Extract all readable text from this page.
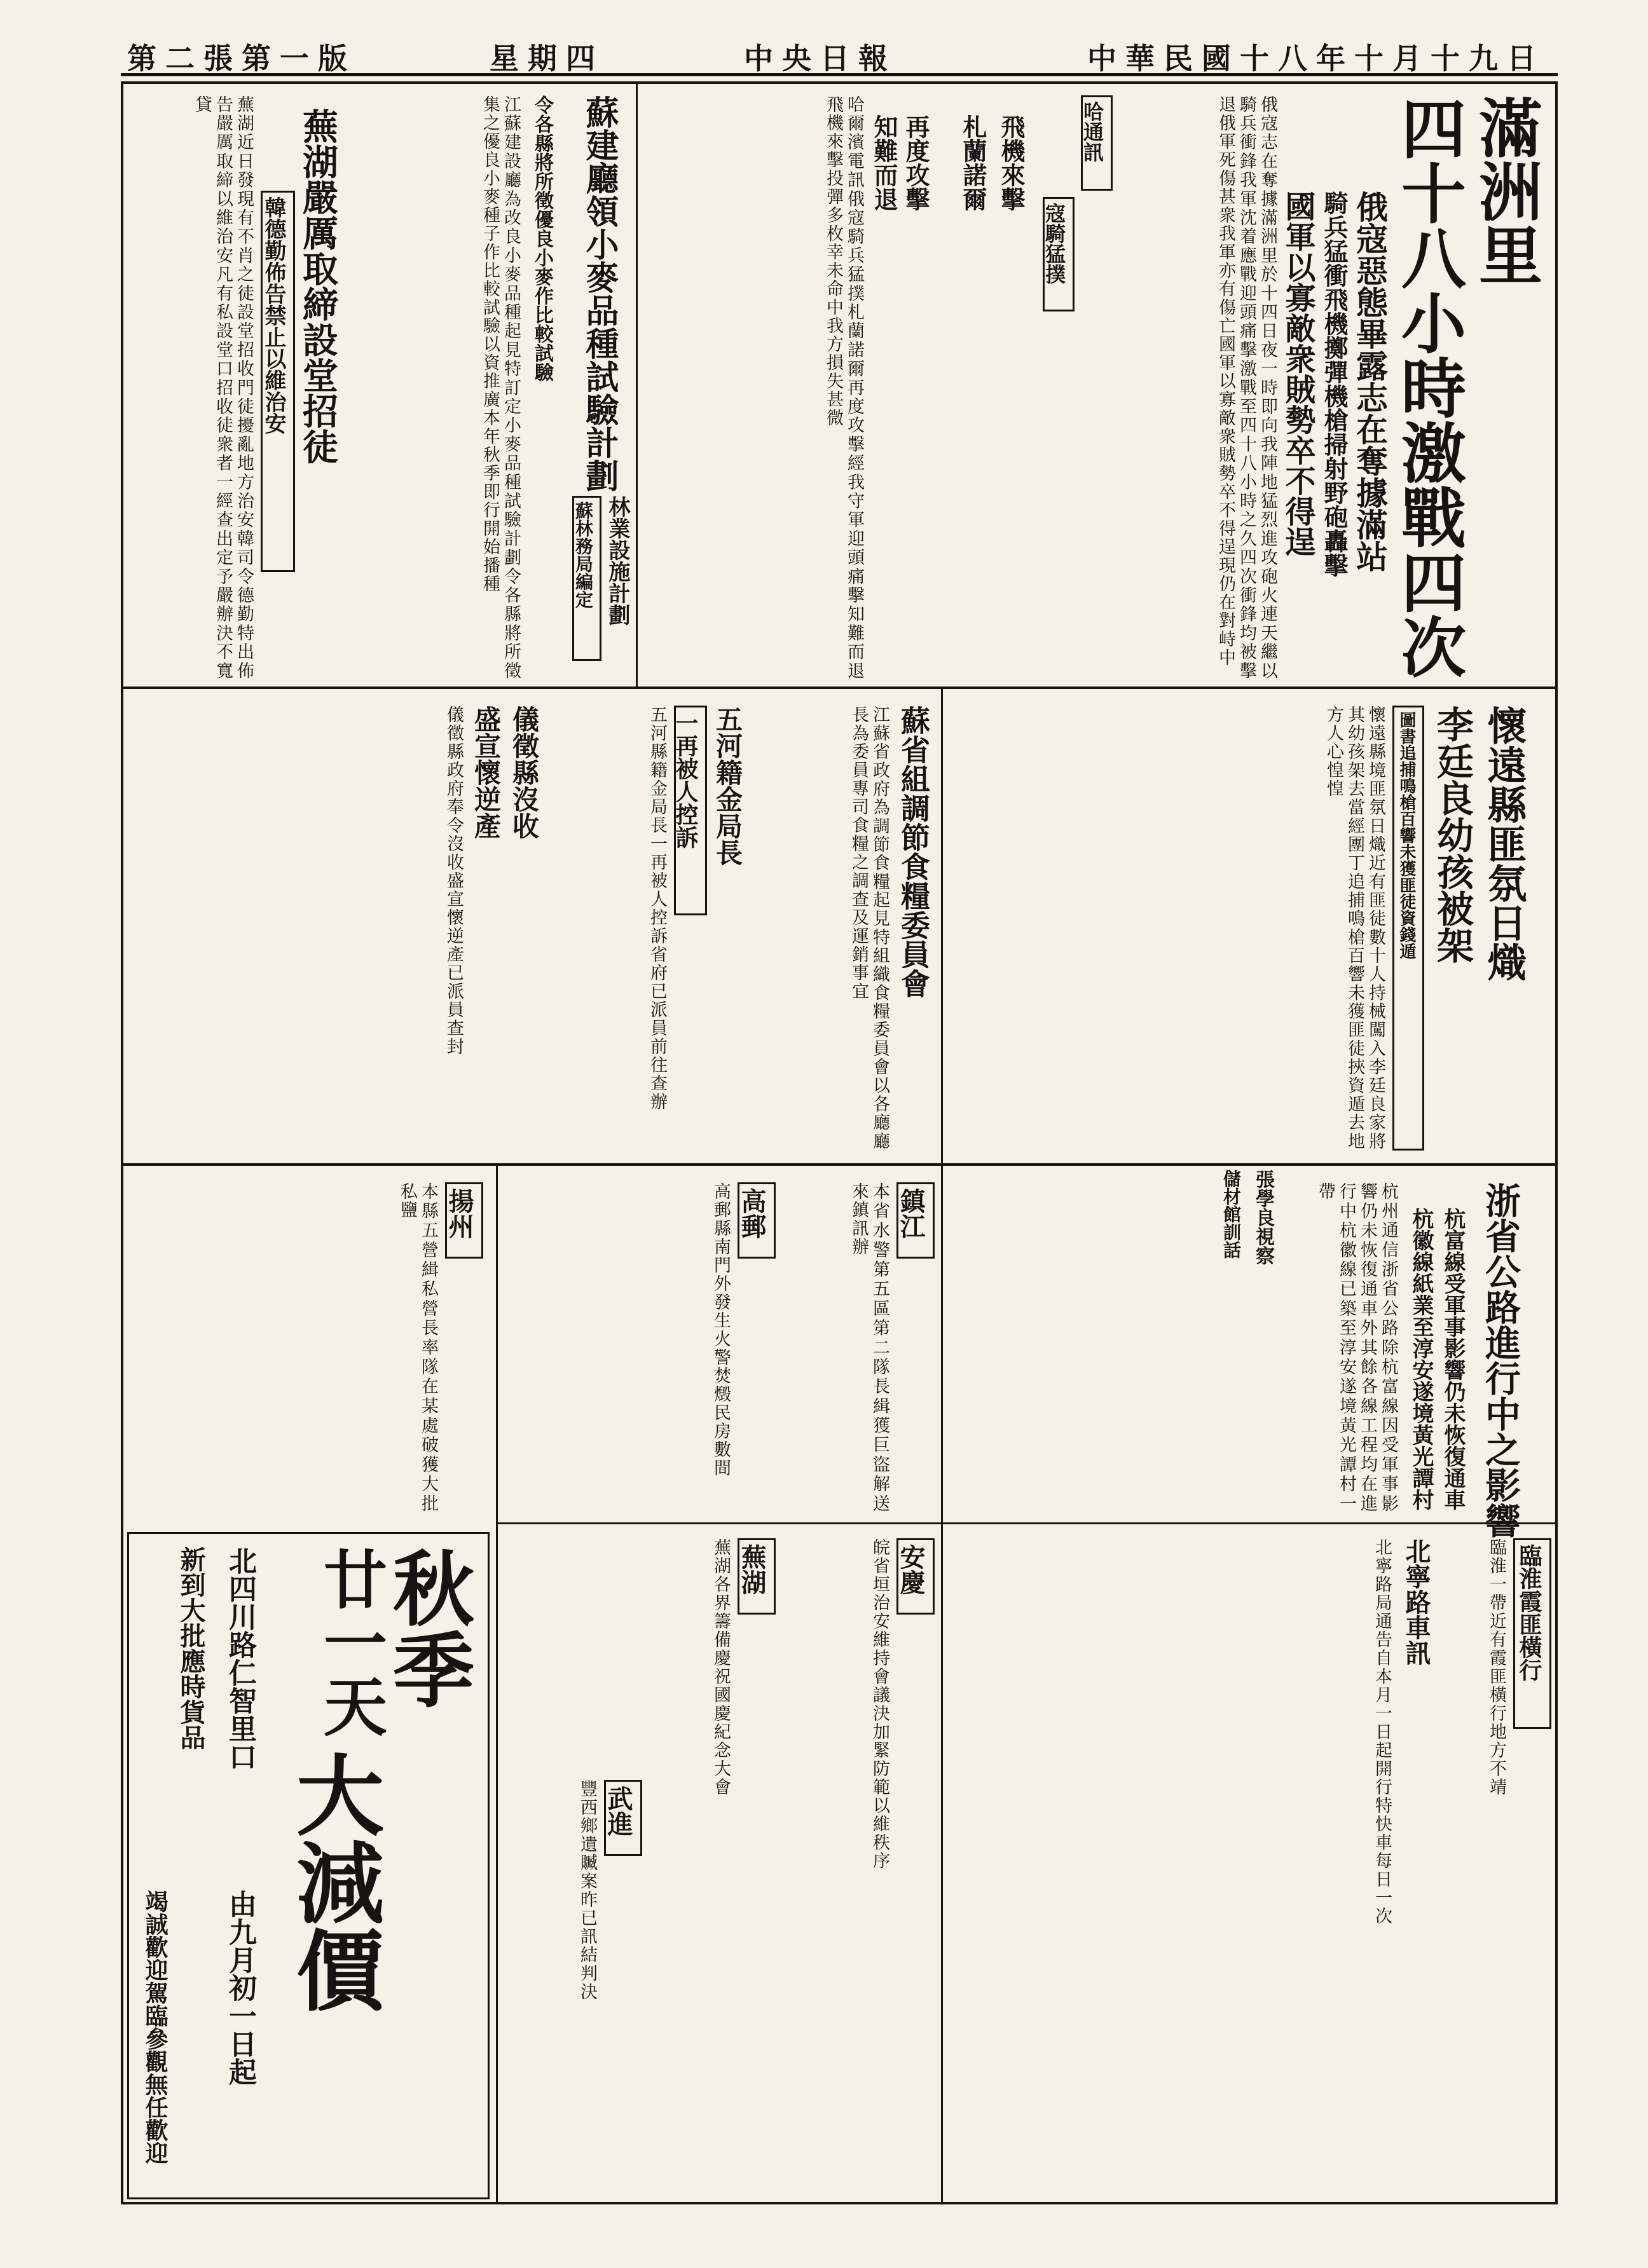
中華民國十八年十月十九日
中央日報
星期四
第二張第一版
滿洲里
四十八小時激戰四次
俄寇惡態畢露志在奪據滿站
騎兵猛衝飛機擲彈機槍掃射野砲轟擊
國軍以寡敵衆賊勢卒不得逞
俄寇志在奪據滿洲里於十四日夜一時即向我陣地猛烈進攻砲火連天繼以騎兵衝鋒我軍沈着應戰迎頭痛擊激戰至四十八小時之久四次衝鋒均被擊退俄軍死傷甚衆我軍亦有傷亡國軍以寡敵衆賊勢卒不得逞現仍在對峙中
哈通訊
寇騎猛撲
再度攻擊
知難而退	飛機來擊
札蘭諾爾
哈爾濱電訊俄寇騎兵猛撲札蘭諾爾再度攻擊經我守軍迎頭痛擊知難而退飛機來擊投彈多枚幸未命中我方損失甚微
蘇建廳領小麥品種試驗計劃
令各縣將所徵優良小麥作比較試驗
江蘇建設廳為改良小麥品種起見特訂定小麥品種試驗計劃令各縣將所徵集之優良小麥種子作比較試驗以資推廣本年秋季即行開始播種	林業設施計劃
蘇林務局編定
蕪湖嚴厲取締設堂招徒
韓德勤佈告禁止以維治安
蕪湖近日發現有不肖之徒設堂招收門徒擾亂地方治安韓司令德勤特出佈告嚴厲取締以維治安凡有私設堂口招收徒衆者一經查出定予嚴辦決不寬貸
懷遠縣匪氛日熾
李廷良幼孩被架
圖書追捕鳴槍百響未獲匪徒資錢遁
懷遠縣境匪氛日熾近有匪徒數十人持械闖入李廷良家將其幼孩架去當經團丁追捕鳴槍百響未獲匪徒挾資遁去地方人心惶惶
蘇省組調節食糧委員會
江蘇省政府為調節食糧起見特組織食糧委員會以各廳廳長為委員專司食糧之調查及運銷事宜
五河籍金局長
一再被人控訴
五河縣籍金局長一再被人控訴省府已派員前往查辦
儀徵縣沒收
盛宣懷逆產
儀徵縣政府奉令沒收盛宣懷逆產已派員查封
浙省公路進行中之影響
杭富線受軍事影響仍未恢復通車
杭徽線紙業至淳安遂境黃光譚村
杭州通信浙省公路除杭富線因受軍事影響仍未恢復通車外其餘各線工程均在進行中杭徽線已築至淳安遂境黃光譚村一帶
張學良視察
儲材館訓話
北寧路車訊
北寧路局通告自本月一日起開行特快車每日一次	臨淮霞匪橫行
臨淮一帶近有霞匪橫行地方不靖
鎮江
本省水警第五區第二隊長緝獲巨盜解送來鎮訊辦
安慶
皖省垣治安維持會議決加緊防範以維秩序
蕪湖
蕪湖各界籌備慶祝國慶紀念大會
武進
豐西鄉遺贓案昨已訊結判決
高郵
高郵縣南門外發生火警焚燬民房數間
揚州
本縣五營緝私營長率隊在某處破獲大批私鹽
秋季
大減價
廿一天
北四川路仁智里口
由九月初一日起
新到大批應時貨品
竭誠歡迎駕臨參觀無任歡迎
